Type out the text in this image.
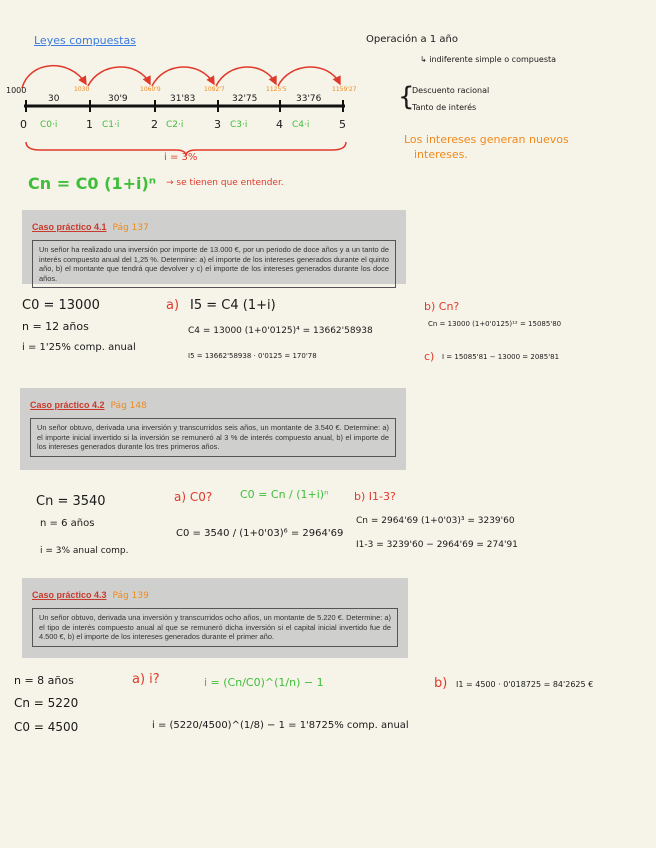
Leyes compuestas	Operación a 1 año
↳ indiferente simple o compuesta
{
Descuento racional
Tanto de interés
Los intereses generan nuevos
intereses.
1000
30	30'9	31'83	32'75	33'76
1030	1060'9	1092'7	1125'5	1159'27
0	1	2	3	4	5
C0·i	C1·i	C2·i	C3·i	C4·i
i = 3%
Cn = C0 (1+i)ⁿ → se tienen que entender.
Caso práctico 4.1 Pág 137
Un señor ha realizado una inversión por importe de 13.000 €, por un periodo de doce años y a un tanto de interés compuesto anual del 1,25 %. Determine: a) el importe de los intereses generados durante el quinto año, b) el montante que tendrá que devolver y c) el importe de los intereses generados durante los doce años.
C0 = 13000
n = 12 años
i = 1'25% comp. anual
a) I5 = C4 (1+i)
C4 = 13000 (1+0'0125)⁴ = 13662'58938
I5 = 13662'58938 · 0'0125 = 170'78
b) Cn?
Cn = 13000 (1+0'0125)¹² = 15085'80
c) I = 15085'81 − 13000 = 2085'81
Caso práctico 4.2 Pág 148
Un señor obtuvo, derivada una inversión y transcurridos seis años, un montante de 3.540 €. Determine: a) el importe inicial invertido si la inversión se remuneró al 3 % de interés compuesto anual, b) el importe de los intereses generados durante los tres primeros años.
Cn = 3540
n = 6 años
i = 3% anual comp.
a) C0?	C0 = Cn / (1+i)ⁿ
C0 = 3540 / (1+0'03)⁶ = 2964'69
b) I1-3?
Cn = 2964'69 (1+0'03)³ = 3239'60
I1-3 = 3239'60 − 2964'69 = 274'91
Caso práctico 4.3 Pág 139
Un señor obtuvo, derivada una inversión y transcurridos ocho años, un montante de 5.220 €. Determine: a) el tipo de interés compuesto anual al que se remuneró dicha inversión si el capital inicial invertido fue de 4.500 €, b) el importe de los intereses generados durante el primer año.
n = 8 años
Cn = 5220
C0 = 4500
a) i?	i = (Cn/C0)^(1/n) − 1
i = (5220/4500)^(1/8) − 1 = 1'8725% comp. anual
b) I1 = 4500 · 0'018725 = 84'2625 €
